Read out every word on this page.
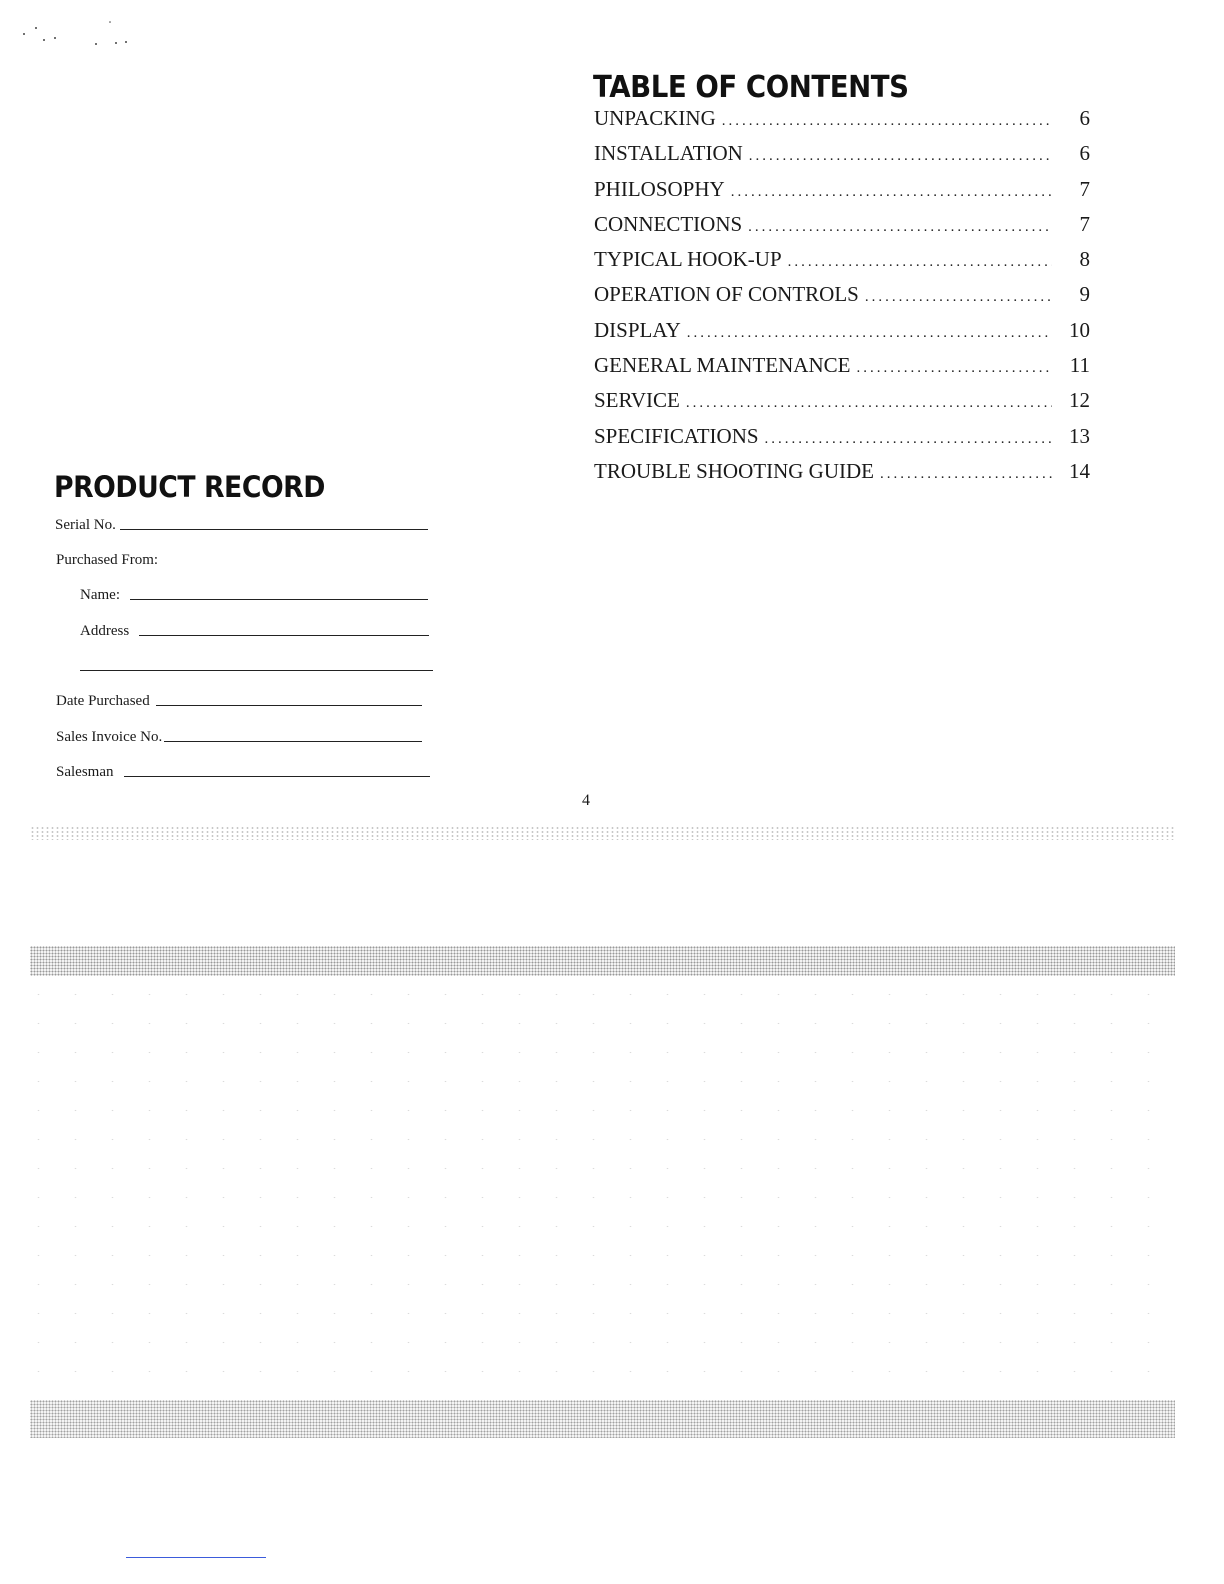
TABLE OF CONTENTS
UNPACKING .....	6
INSTALLATION .....	6
PHILOSOPHY .....	7
CONNECTIONS .....	7
TYPICAL HOOK-UP .....	8
OPERATION OF CONTROLS .....	9
DISPLAY .....	10
GENERAL MAINTENANCE .....	11
SERVICE .....	12
SPECIFICATIONS .....	13
TROUBLE SHOOTING GUIDE .....	14
PRODUCT RECORD
Serial No.
Purchased From:
Name:
Address
Date Purchased
Sales Invoice No.
Salesman
4
